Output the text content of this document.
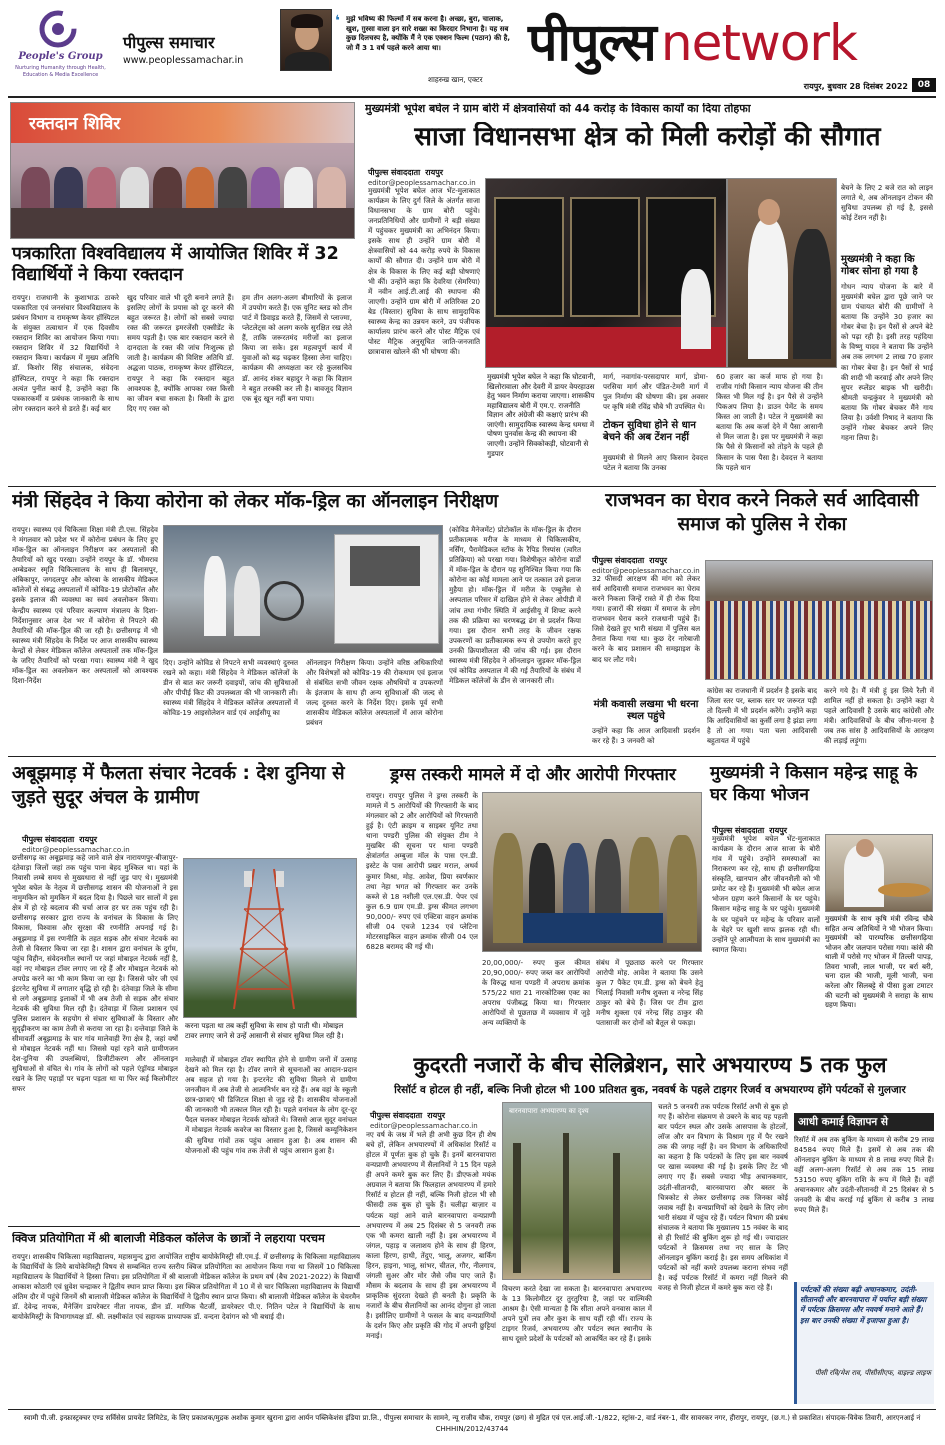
People's Group
Nurturing Humanity through Health, Education & Media Excellence
पीपुल्स समाचार
www.peoplessamachar.in
❛ मुझे भविष्य की फिल्मों में सब करना है। अच्छा, बुरा, चालाक, खुश, ग़ुस्सा वाला इन सारे शख्स का किरदार निभाना है। यह सब कुछ दिलचस्प है, क्योंकि मैं ने एक एक्शन फिल्म (पठान) की है, जो मैं 3 1 वर्ष पहले करने आया था।
शाहरुख खान, एक्टर
पीपुल्स network
रायपुर, बुधवार 28 दिसंबर 2022	08
रक्तदान शिविर
पत्रकारिता विश्वविद्यालय में आयोजित शिविर में 32 विद्यार्थियों ने किया रक्तदान
रायपुर। राजधानी के कुशाभाऊ ठाकरे पत्रकारिता एवं जनसंचार विश्वविद्यालय के प्रबंधन विभाग व रामकृष्ण केयर हॉस्पिटल के संयुक्त तत्वाधान में एक दिवसीय रक्तदान शिविर का आयोजन किया गया। रक्तदान शिविर में 32 विद्यार्थियों ने रक्तदान किया। कार्यक्रम में मुख्य अतिथि डॉ. किशोर सिंह संचालक, संवेदना हॉस्पिटल, रायपुर ने कहा कि रक्तदान अत्यंत पुनीत कार्य है, उन्होंने कहा कि पत्रकारकर्मी व प्रबंधक जानकारी के साथ लोग रक्तदान करने से डरते हैं। कई बार
खुद परिवार वाले भी दूरी बनाने लगते हैं। इसलिए लोगों के प्रयास को दूर करने की बहुत जरूरत है। लोगों को सबसे ज्यादा रक्त की जरूरत इमरजेंसी एक्सीडेंट के समय पड़ती है। एक बार रक्तदान करने से दानदाता के रक्त की जांच निःशुल्क हो जाती है। कार्यक्रम की विशिष्ट अतिथि डॉ. अद्धजा पाठक, रामकृष्ण केयर हॉस्पिटल, रायपुर ने कहा कि रक्तदान बहुत आवश्यक है, क्योंकि आपका रक्त किसी का जीवन बचा सकता है। किसी के द्वारा दिए गए रक्त को
हम तीन अलग-अलग बीमारियों के इलाज में उपयोग करते हैं। एक यूनिट ब्लड को तीन पार्ट में डिवाइड करते हैं, जिसमें से प्लाज्मा, प्लेटलेट्स को अलग करके सुरक्षित रख लेते हैं, ताकि जरूरतमंद मरीजों का इलाज किया जा सके। इस महत्वपूर्ण कार्य में युवाओं को बढ़ चढ़कर हिस्सा लेना चाहिए। कार्यक्रम की अध्यक्षता कर रहे कुलसचिव डॉ. आनंद शंकर बहादुर ने कहा कि विज्ञान ने बहुत तरक्की कर ली है। बावजूद विज्ञान एक बूंद खून नहीं बना पाया।
मुख्यमंत्री भूपेश बघेल ने ग्राम बोरी में क्षेत्रवासियों को 44 करोड़ के विकास कार्यों का दिया तोहफा
साजा विधानसभा क्षेत्र को मिली करोड़ों की सौगात
पीपुल्स संवाददाता रायपुर
editor@peoplessamachar.co.in
मुख्यमंत्री भूपेश बघेल आज भेंट-मुलाकात कार्यक्रम के लिए दुर्ग जिले के अंतर्गत साजा विधानसभा के ग्राम बोरी पहुंचे। जनप्रतिनिधियों और ग्रामीणों ने बड़ी संख्या में पहुंचकर मुख्यमंत्री का अभिनंदन किया। इसके साथ ही उन्होंने ग्राम बोरी में क्षेत्रवासियों को 44 करोड़ रुपये के विकास कार्यों की सौगात दी। उन्होंने ग्राम बोरी में क्षेत्र के विकास के लिए कई बड़ी घोषणाएं भी कीं। उन्होंने कहा कि देवरिया (सेमरिया) में नवीन आई.टी.आई की स्थापना की जाएगी। उन्होंने ग्राम बोरी में अतिरिक्त 20 बेड (विस्तार) सुविधा के साथ सामुदायिक स्वास्थ्य केन्द्र का उन्नयन करने, उप पंजीयक कार्यालय प्रारंभ करने और पोस्ट मैट्रिक एवं पोस्ट मैट्रिक अनुसूचित जाति-जनजाति छात्रावास खोलने की भी घोषणा की।
मुख्यमंत्री भूपेश बघेल ने कहा कि घोटवानी, खिलोरावाला और देवरी में डायर वेयरहाउस हेतु भवन निर्माण कराया जाएगा। शासकीय महाविद्यालय बोरी में एम.ए. राजनीति विज्ञान और अंग्रेजी की कक्षाएं प्रारंभ की जाएंगी। सामुदायिक स्वास्थ्य केन्द्र धमधा में पोषण पुनर्वास केन्द्र की स्थापना की जाएगी। उन्होंने सिवकोकड़ी, घोटवानी से गुडपार
मार्ग, नवागांव-परसदापार मार्ग, डोमा-परसिया मार्ग और पंडित-टेमरी मार्ग में पुल निर्माण की घोषणा की। इस अवसर पर कृषि मंत्री रविंद्र चौबे भी उपस्थित थे।
टोकन सुविधा होने से धान बेचने की अब टेंशन नहीं
मुख्यमंत्री से मिलने आए किसान देवदत्त पटेल ने बताया कि उनका
60 हजार का कर्ज माफ हो गया है। राजीव गांधी किसान न्याय योजना की तीन किस्त भी मिल गई है। इन पैसे से उन्होंने पिकअप लिया है। डाउन पेमेंट के समय किस्त आ जाती है। पटेल ने मुख्यमंत्री का बताया कि अब कर्जा देने में पैसा आसानी से मिल जाता है। इस पर मुख्यमंत्री ने कहा कि पैसे से किसानों को तोड़ने के पहले ही किसान के पास पैसा है। देवदत्त ने बताया कि पहले धान
बेचने के लिए 2 बजे रात को लाइन लगाते थे, अब ऑनलाइन टोकन की सुविधा उपलब्ध हो गई है, इससे कोई टेंशन नहीं है।
मुख्यमंत्री ने कहा कि गोबर सोना हो गया है
गोधन न्याय योजना के बारे में मुख्यमंत्री बघेल द्वारा पूछे जाने पर ग्राम पंचायत बोरी की ग्रामीणों ने बताया कि उन्होंने 30 हजार का गोबर बेचा है। इन पैसों से अपने बेटे को पढ़ा रही है। इसी तरह पहंदिया के विष्णु यादव ने बताया कि उन्होंने अब तक लगभग 2 लाख 70 हजार का गोबर बेचा है। इन पैसों से भाई की शादी भी करवाई और अपने लिए सुपर स्प्लेंडर बाइक भी खरीदी। श्रीमती चन्द्रकुंवर ने मुख्यमंत्री को बताया कि गोबर बेचकर मैंने गाय लिया है। उर्वशी निषाद ने बताया कि उन्होंने गोबर बेचकर अपने लिए गहना लिया है।
मंत्री सिंहदेव ने किया कोरोना को लेकर मॉक-ड्रिल का ऑनलाइन निरीक्षण
रायपुर। स्वास्थ्य एवं चिकित्सा शिक्षा मंत्री टी.एस. सिंहदेव ने मंगलवार को प्रदेश भर में कोरोना प्रबंधन के लिए हुए मॉक-ड्रिल का ऑनलाइन निरीक्षण कर अस्पतालों की तैयारियों को खुद परखा। उन्होंने रायपुर के डॉ. भीमराव अम्बेडकर स्मृति चिकित्सालय के साथ ही बिलासपुर, अंबिकापुर, जगदलपुर और कोरबा के शासकीय मेडिकल कॉलेजों से संबद्ध अस्पतालों में कोविड-19 प्रोटोकॉल और इसके इलाज की व्यवस्था का स्वयं अवलोकन किया। केन्द्रीय स्वास्थ्य एवं परिवार कल्याण मंत्रालय के दिशा-निर्देशानुसार आज देश भर में कोरोना से निपटने की तैयारियों की मॉक-ड्रिल की जा रही है। छत्तीसगढ़ में भी स्वास्थ्य मंत्री सिंहदेव के निर्देश पर आज शासकीय स्वास्थ्य केन्द्रों से लेकर मेडिकल कॉलेज अस्पतालों तक मॉक-ड्रिल के जरिए तैयारियों को परखा गया। स्वास्थ्य मंत्री ने खुद मॉक-ड्रिल का अवलोकन कर अस्पतालों को आवश्यक दिशा-निर्देश
दिए। उन्होंने कोविड से निपटने सभी व्यवस्थाएं दुरुस्त रखने को कहा। मंत्री सिंहदेव ने मेडिकल कॉलेजों के डीन से बात कर जरूरी दवाइयों, जांच की सुविधाओं और पीपीई किट की उपलब्धता की भी जानकारी ली। स्वास्थ्य मंत्री सिंहदेव ने मेडिकल कॉलेज अस्पतालों में कोविड-19 आइसोलेशन वार्ड एवं आईसीयू का
ऑनलाइन निरीक्षण किया। उन्होंने वरिष्ठ अधिकारियों और विशेषज्ञों को कोविड-19 की रोकथाम एवं इलाज से संबंधित सभी जीवन रक्षक औषधियों व उपकरणों के इंतजाम के साथ ही अन्य सुविधाओं की जल्द से जल्द दुरुस्त करने के निर्देश दिए। इसके पूर्व सभी शासकीय मेडिकल कॉलेज अस्पतालों में आज कोरोना प्रबंधन
(कोविड मैनेजमेंट) प्रोटोकॉल के मॉक-ड्रिल के दौरान प्रतीकात्मक मरीज के माध्यम से चिकित्सकीय, नर्सिंग, पैरामेडिकल स्टॉफ के रैपिड रिस्पांस (त्वरित प्रतिक्रिया) को परखा गया। विशेषीकृत कोरोना वार्डों में मॉक-ड्रिल के दौरान यह सुनिश्चित किया गया कि कोरोना का कोई मामला आने पर तत्काल उसे इलाज मुहैया हो। मॉक-ड्रिल में मरीज के एम्बुलेंस से अस्पताल परिसर में दाखिल होने से लेकर ओपीडी में जांच तथा गंभीर स्थिति में आईसीयू में शिफ्ट करने तक की प्रक्रिया का चरणबद्ध ढंग से प्रदर्शन किया गया। इस दौरान सभी तरह के जीवन रक्षक उपकरणों का प्रतीकात्मक रूप से उपयोग करते हुए उनकी क्रियाशीलता की जांच की गई। इस दौरान स्वास्थ्य मंत्री सिंहदेव ने ऑनलाइन जुड़कर मॉक-ड्रिल एवं कोविड अस्पताल में की गई तैयारियों के संबंध में मेडिकल कॉलेजों के डीन से जानकारी ली।
राजभवन का घेराव करने निकले सर्व आदिवासी समाज को पुलिस ने रोका
पीपुल्स संवाददाता रायपुर
editor@peoplessamachar.co.in
32 फीसदी आरक्षण की मांग को लेकर सर्व आदिवासी समाज राजभवन का घेराव करने निकला जिन्हें रास्ते में ही रोक दिया गया। हजारों की संख्या में समाज के लोग राजभवन घेराव करने राजधानी पहुंचे हैं। जिसे देखते हुए भारी संख्या में पुलिस बल तैनात किया गया था। कुछ देर नारेबाजी करने के बाद प्रशासन की समझाइश के बाद घर लौट गये।
मंत्री कवासी लखमा भी धरना स्थल पहुंचे
उन्होंने कहा कि आज आदिवासी प्रदर्शन कर रहे हैं। 3 जनवरी को
कांग्रेस का राजधानी में प्रदर्शन है इसके बाद जिला स्तर पर, ब्लाक स्तर पर जरूरत पड़ी तो दिल्ली में भी प्रदर्शन करेंगे। उन्होंने कहा कि आदिवासियों का कुर्सी लगा है झंडा लगा है तो आ गया। पता चला आदिवासी बहुतायत में पहुंचे
करने गये है। मैं मंत्री हूं इस लिये रैली में शामिल नहीं हो सकता है। उन्होंने कहा ये पहले आदिवासी है उसके बाद कांग्रेसी और मंत्री। आदिवासियों के बीच जीना-मरना है जब तक सांस है आदिवासियों के आरक्षण की लड़ाई लड़ूंगा।
अबूझमाड़ में फैलता संचार नेटवर्क : देश दुनिया से जुड़ते सुदूर अंचल के ग्रामीण
पीपुल्स संवाददाता रायपुर
editor@peoplessamachar.co.in
छत्तीसगढ़ का अबूझमाड़ कहे जाने वाले क्षेत्र नारायणपुर-बीजापुर-दंतेवाड़ा जिलों जहां तक पहुंच पाना बेहद मुश्किल था। यहां के निवासी लम्बे समय से मुख्यधारा से नहीं जुड़ पाए थे। मुख्यमंत्री भूपेश बघेल के नेतृत्व में छत्तीसगढ़ शासन की योजनाओं ने इस नामुमकिन को मुमकिन में बदल दिया है। पिछले चार सालों में इस क्षेत्र में हो रहे बदलाव की चर्चा आज हर घर तक पहुंच रही है। छत्तीसगढ़ सरकार द्वारा राज्य के वनांचल के विकास के लिए विकास, विश्वास और सुरक्षा की रणनीति अपनाई गई है। अबूझमाड़ में इस रणनीति के तहत सड़क और संचार नेटवर्क का तेजी से विस्तार किया जा रहा है। शासन द्वारा वनांचल के दुर्गम, पहुंच विहीन, संवेदनशील स्थानों पर जहां मोबाइल नेटवर्क नहीं है, वहां नए मोबाइल टॉवर लगाए जा रहे हैं और मोबाइल नेटवर्क को अपग्रेड करने का भी काम किया जा रहा है। जिससे फोर जी एवं इंटरनेट सुविधा में लगातार वृद्धि हो रही है। दंतेवाड़ा जिले के सीमा से लगे अबूझमाड़ इलाकों में भी अब तेजी से सड़क और संचार नेटवर्क की सुविधा मिल रही है। दंतेवाड़ा में जिला प्रशासन एवं पुलिस प्रशासन के सहयोग से संचार सुविधाओं के विस्तार और सुदृढ़ीकरण का काम तेजी से कराया जा रहा है। दन्तेवाड़ा जिले के सीमावर्ती अबूझमाड़ के चार गांव मालेवाही रेंगा क्षेत्र है, जहां वर्षों से मोबाइल नेटवर्क नहीं था। जिससे यहां रहने वाले ग्रामीणजन देश-दुनिया की उपलब्धियां, डिजीटीकरण और ऑनलाइन सुविधाओं से वंचित थे। गांव के लोगों को पहले एंड्रॉयड मोबाइल रखने के लिए पहाड़ों पर चढ़ना पड़ता था या फिर कई किलोमीटर सफर
करना पड़ता था तब कहीं सुविधा के साथ हो पाती थी। मोबाइल टावर लगाए जाने से उन्हें आसानी से संचार सुविधा मिल रही है।
मालेवाही में मोबाइल टॉवर स्थापित होने से ग्रामीण जनों में उत्साह देखने को मिल रहा है। टॉवर लगने से सूचनाओं का आदान-प्रदान अब सहज हो गया है। इन्टरनेट की सुविधा मिलने से ग्रामीण जनजीवन में अब तेजी से आत्मनिर्भर बन रहे हैं। अब वहां के स्कूली छात्र-छात्राएं भी डिजिटल शिक्षा से जुड़ रहे हैं। शासकीय योजनाओं की जानकारी भी तत्काल मिल रही है। पहले वनांचल के लोग दूर-दूर पैदल चलकर मोबाइल नेटवर्क खोजते थे। जिससे आज सुदूर वनांचल में मोबाइल नेटवर्क कवरेज का विस्तार हुआ है, जिससे कम्यूनिकेशन की सुविधा गांवों तक पहुंच आसान हुआ है। अब शासन की योजनाओं की पहुंच गांव तक तेजी से पहुंच आसान हुआ है।
ड्रग्स तस्करी मामले में दो और आरोपी गिरफ्तार
रायपुर। रायपुर पुलिस ने ड्रग्स तस्करी के मामले में 5 आरोपियों की गिरफ्तारी के बाद मंगलवार को 2 और आरोपियों को गिरफ्तारी हुई है। एंटी क्राइम व साइबर यूनिट तथा थाना पण्डरी पुलिस की संयुक्त टीम ने मुखबिर की सूचना पर थाना पण्डरी क्षेत्रांतर्गत अम्बुजा मॉल के पास एन.डी. इस्टेट के पास आरोपी प्रखर मराल, अथर्व कुमार मिश्रा, मोह. आवेश, प्रिया स्वर्णकार तथा नेहा भगत को गिरफ्तार कर उनके कब्जे से 18 नशीली एल.एस.डी. पेपर एवं कुल 6.9 ग्राम एम.डी. ड्रग्स कीमत लगभग 90,000/- रुपए एवं एक्टिवा वाहन क्रमांक सीजी 04 एचजे 1234 एवं प्लेटिना मोटरसाइकिल वाहन क्रमांक सीजी 04 एल 6828 बरामद की गई थी।
20,00,000/- रुपए कुल कीमत 20,90,000/- रुपए जब्त कर आरोपियों के विरुद्ध थाना पण्डरी में अपराध क्रमांक 575/22 धारा 21 नारकोटिक्स एक्ट का अपराध पंजीबद्ध किया था। गिरफ्तार आरोपियों से पूछताछ में व्यवसाय में जुड़े अन्य व्यक्तियों के
संबंध में पूछताछ करने पर गिरफ्तार आरोपी मोह. आवेश ने बताया कि उसने कुल 7 पैकेट एम.डी. ड्रग्स को बेचने हेतु भिलाई निवासी मनीष शुक्ला व नरेन्द्र सिंह ठाकुर को बेचे हैं। जिस पर टीम द्वारा मनीष शुक्ला एवं नरेन्द्र सिंह ठाकुर की पतासाजी कर दोनों को बैतूल से पकड़ा।
मुख्यमंत्री ने किसान महेन्द्र साहू के घर किया भोजन
पीपुल्स संवाददाता रायपुर
मुख्यमंत्री भूपेश बघेल भेंट-मुलाकात कार्यक्रम के दौरान आज साजा के बोरी गांव में पहुंचे। उन्होंने समस्याओं का निराकरण कर रहे, साथ ही छत्तीसगढ़िया संस्कृति, खानपान और जीवनशैली को भी प्रमोट कर रहे हैं। मुख्यमंत्री भी बघेल आज भोजन ग्रहण करने किसानों के घर पहुंचे। किसान महेन्द्र साहू के घर पहुंचे। मुख्यमंत्री के घर पहुंचने पर महेन्द्र के परिवार वालों के चेहरे पर खुशी साफ झलक रही थी। उन्होंने पूरे आत्मीयता के साथ मुख्यमंत्री का स्वागत किया।
मुख्यमंत्री के साथ कृषि मंत्री रविन्द्र चौबे सहित अन्य अतिथियों ने भी भोजन किया। मुख्यमंत्री को पारम्परिक छत्तीसगढ़िया भोजन और जलपान परोसा गया। कांसे की थाली में परोसे गए भोजन में तिल्ली पापड़, तिवरा भाजी, लाल भाजी, पर बर्रा बरी, चना दाल की भाजी, मूली भाजी, चना करेला और सिलबट्टे से पीसा हुआ टमाटर की चटनी को मुख्यमंत्री ने सराहा के साथ ग्रहण किया।
कुदरती नजारों के बीच सेलिब्रेशन, सारे अभयारण्य 5 तक फुल
रिसॉर्ट व होटल ही नहीं, बल्कि निजी होटल भी 100 प्रतिशत बुक, नववर्ष के पहले टाइगर रिजर्व व अभयारण्य होंगे पर्यटकों से गुलजार
पीपुल्स संवाददाता रायपुर
editor@peoplessamachar.co.in
नए वर्ष के जश्न में भले ही अभी कुछ दिन ही शेष बचे हों, लेकिन अभयारण्यों में अधिकांश रिसॉर्ट व होटल में पूर्णतः बुक हो चुके हैं। इनमें बारनवापारा वन्यप्राणी अभयारण्य में सैलानियों ने 15 दिन पहले ही अपने कमरे बुक कर लिए हैं। डीएफओ मयंक अग्रवाल ने बताया कि फिलहाल अभयारण्य में हमारे रिसॉर्ट व होटल ही नहीं, बल्कि निजी होटल भी सौ फीसदी तक बुक हो चुके हैं। चलीढ़ा बाज़ार व पर्यटक यहां आने वाले बारनवापारा वन्यप्राणी अभयारण्य में अब 25 दिसंबर से 5 जनवरी तक एक भी कमरा खाली नहीं है। इस अभयारण्य में जंगल, पहाड़ व जलाशय होने के साथ ही हिरण, काला हिरण, हाथी, तेंदुए, भालू, अजगर, बार्किंग हिरन, हाइना, भालू, सांभर, चीतल, गौर, नीलगाय, जंगली सुअर और मोर जैसे जीव पाए जाते हैं। मौसम के बदलाव के साथ ही इस अभयारण्य में प्राकृतिक सुंदरता देखते ही बनती है। प्रकृति के नजारों के बीच सैलानियों का आनंद दोगुना हो जाता है। इसीलिए ग्रामीणों ने फसल के बाद वन्यप्राणियों के दर्शन किए और प्रकृति की गोद में अपनी छुट्टियां मनाई।
बारनवापारा अभयारण्य का दृश्य
विचरण करते देखा जा सकता है। बारनवापारा अभयारण्य के 13 किलोमीटर दूर तुरतुरिया है, जहां पर वाल्मिकी आश्रम है। ऐसी मान्यता है कि सीता अपने वनवास काल में अपने पुत्रों लव और कुश के साथ यहीं रही थीं। राज्य के टाइगर रिजर्व, अभयारण्य और पर्यटन स्थल स्थानीय के साथ दूसरे प्रदेशों के पर्यटकों को आकर्षित कर रहे हैं। इसके
चलते 5 जनवरी तक पर्यटक रिसॉर्ट अभी से बुक हो गए हैं। कोरोना संक्रमण से उबरने के बाद यह पहली बार पर्यटन स्थल और उसके आसपास के होटलों, लॉज और वन विभाग के विश्राम गृह में पैर रखने तक की जगह नहीं है। वन विभाग के अधिकारियों का कहना है कि पर्यटकों के लिए इस बार नववर्ष पर खास व्यवस्था की गई है। इसके लिए टेंट भी लगाए गए हैं। सबसे ज्यादा भीड़ अचानकमार, उदंती-सीतानदी, बारनवापारा और बस्तर के चित्रकोट से लेकर छत्तीसगढ़ तक जिनका कोई जवाब नहीं है। वन्यप्राणियों को देखने के लिए लोग भारी संख्या में पहुंच रहे हैं। पर्यटन विभाग की प्रबंध संचालक ने बताया कि मुख्यालय 15 नवंबर के बाद से ही रिसॉर्ट की बुकिंग शुरू हो गई थी। ज्यादातर पर्यटकों ने क्रिसमस तथा नए साल के लिए ऑनलाइन बुकिंग कराई है। इस समय अधिकांश में पर्यटकों को नहीं कमरे उपलब्ध कराना संभव नहीं है। कई पर्यटक रिसॉर्ट में कमरा नहीं मिलने की वजह से निजी होटल में कमरे बुक करा रहे हैं।
आधी कमाई विज्ञापन से
रिसॉर्ट में अब तक बुकिंग के माध्यम से करीब 29 लाख 84584 रुपए मिले हैं। इसमें से अब तक की ऑनलाइन बुकिंग के माध्यम से 8 लाख रुपए मिले हैं। वहीं अलग-अलग रिसॉर्ट से अब तक 15 लाख 53150 रुपए बुकिंग राशि के रूप में मिले हैं। वहीं अचानकमार और उदंती-सीतानदी में 25 दिसंबर से 5 जनवरी के बीच कराई गई बुकिंग से करीब 3 लाख रुपए मिले हैं।
पर्यटकों की संख्या बढ़ी अचानकमार, उदंती-सीतानदी और बारनवापारा में पर्याप्त बड़ी संख्या में पर्यटक क्रिसमस और नववर्ष मनाने आते हैं। इस बार उनकी संख्या में इजाफा हुआ है।
पीसी रवि/मेश राव, पीसीसीएफ, वाइल्ड लाइफ
क्विज प्रतियोगिता में श्री बालाजी मेडिकल कॉलेज के छात्रों ने लहराया परचम
रायपुर। शासकीय चिकित्सा महाविद्यालय, महासमुन्द द्वारा आयोजित राष्ट्रीय बायोकेमिस्ट्री सी.एम.ई. में छत्तीसगढ़ के चिकित्सा महाविद्यालय के विद्यार्थियों के लिये बायोकेमिस्ट्री विषय से सम्बन्धित राज्य स्तरीय क्विज प्रतियोगिता का आयोजन किया गया था जिसमें 10 चिकित्सा महाविद्यालय के विद्यार्थियों ने हिस्सा लिया। इस प्रतियोगिता में श्री बालाजी मेडिकल कॉलेज के प्रथम वर्ष (बैच 2021-2022) के विद्यार्थी आकाश कोठारी एवं ध्रुवेश चन्द्राकर ने द्वितीय स्थान प्राप्त किया। इस क्विज प्रतियोगिता में 10 में से चार चिकित्सा महाविद्यालय के विद्यार्थी अंतिम दौर में पहुंचे जिनमें श्री बालाजी मेडिकल कॉलेज के विद्यार्थियों ने द्वितीय स्थान प्राप्त किया। श्री बालाजी मेडिकल कॉलेज के चेयरमैन डॉ. देवेन्द्र नायक, मैनेजिंग डायरेक्टर नीता नायक, डीन डॉ. माणिक चैटर्जी, डायरेक्टर पी.ए. नितिन पटेल ने विद्यार्थियों के साथ बायोकेमिस्ट्री के विभागाध्यक्ष डॉ. श्री. लक्ष्मीकांत एवं सहायक प्राध्यापक डॉ. वन्दना देवांगन को भी बधाई दी।
स्वामी पी.जी. इन्फ्रास्ट्रक्चर एण्ड सर्विसेस प्रायवेट लिमिटेड, के लिए प्रकाशक/मुद्रक अशोक कुमार खुराना द्वारा आर्यन पब्लिकेशंस इंडिया प्रा.लि., पीपुल्स समाचार के सामने, न्यू राजीव चौक, रायपुर (छग) से मुद्रित एवं एल.आई.जी.-1/822, स्ट्रांस-2, वार्ड नंबर-1, वीर सावरकर नगर, हीरापुर, रायपुर, (छ.ग.) से प्रकाशित। संपादक-विवेक तिवारी, आरएनआई नं CHHHIN/2012/43744
